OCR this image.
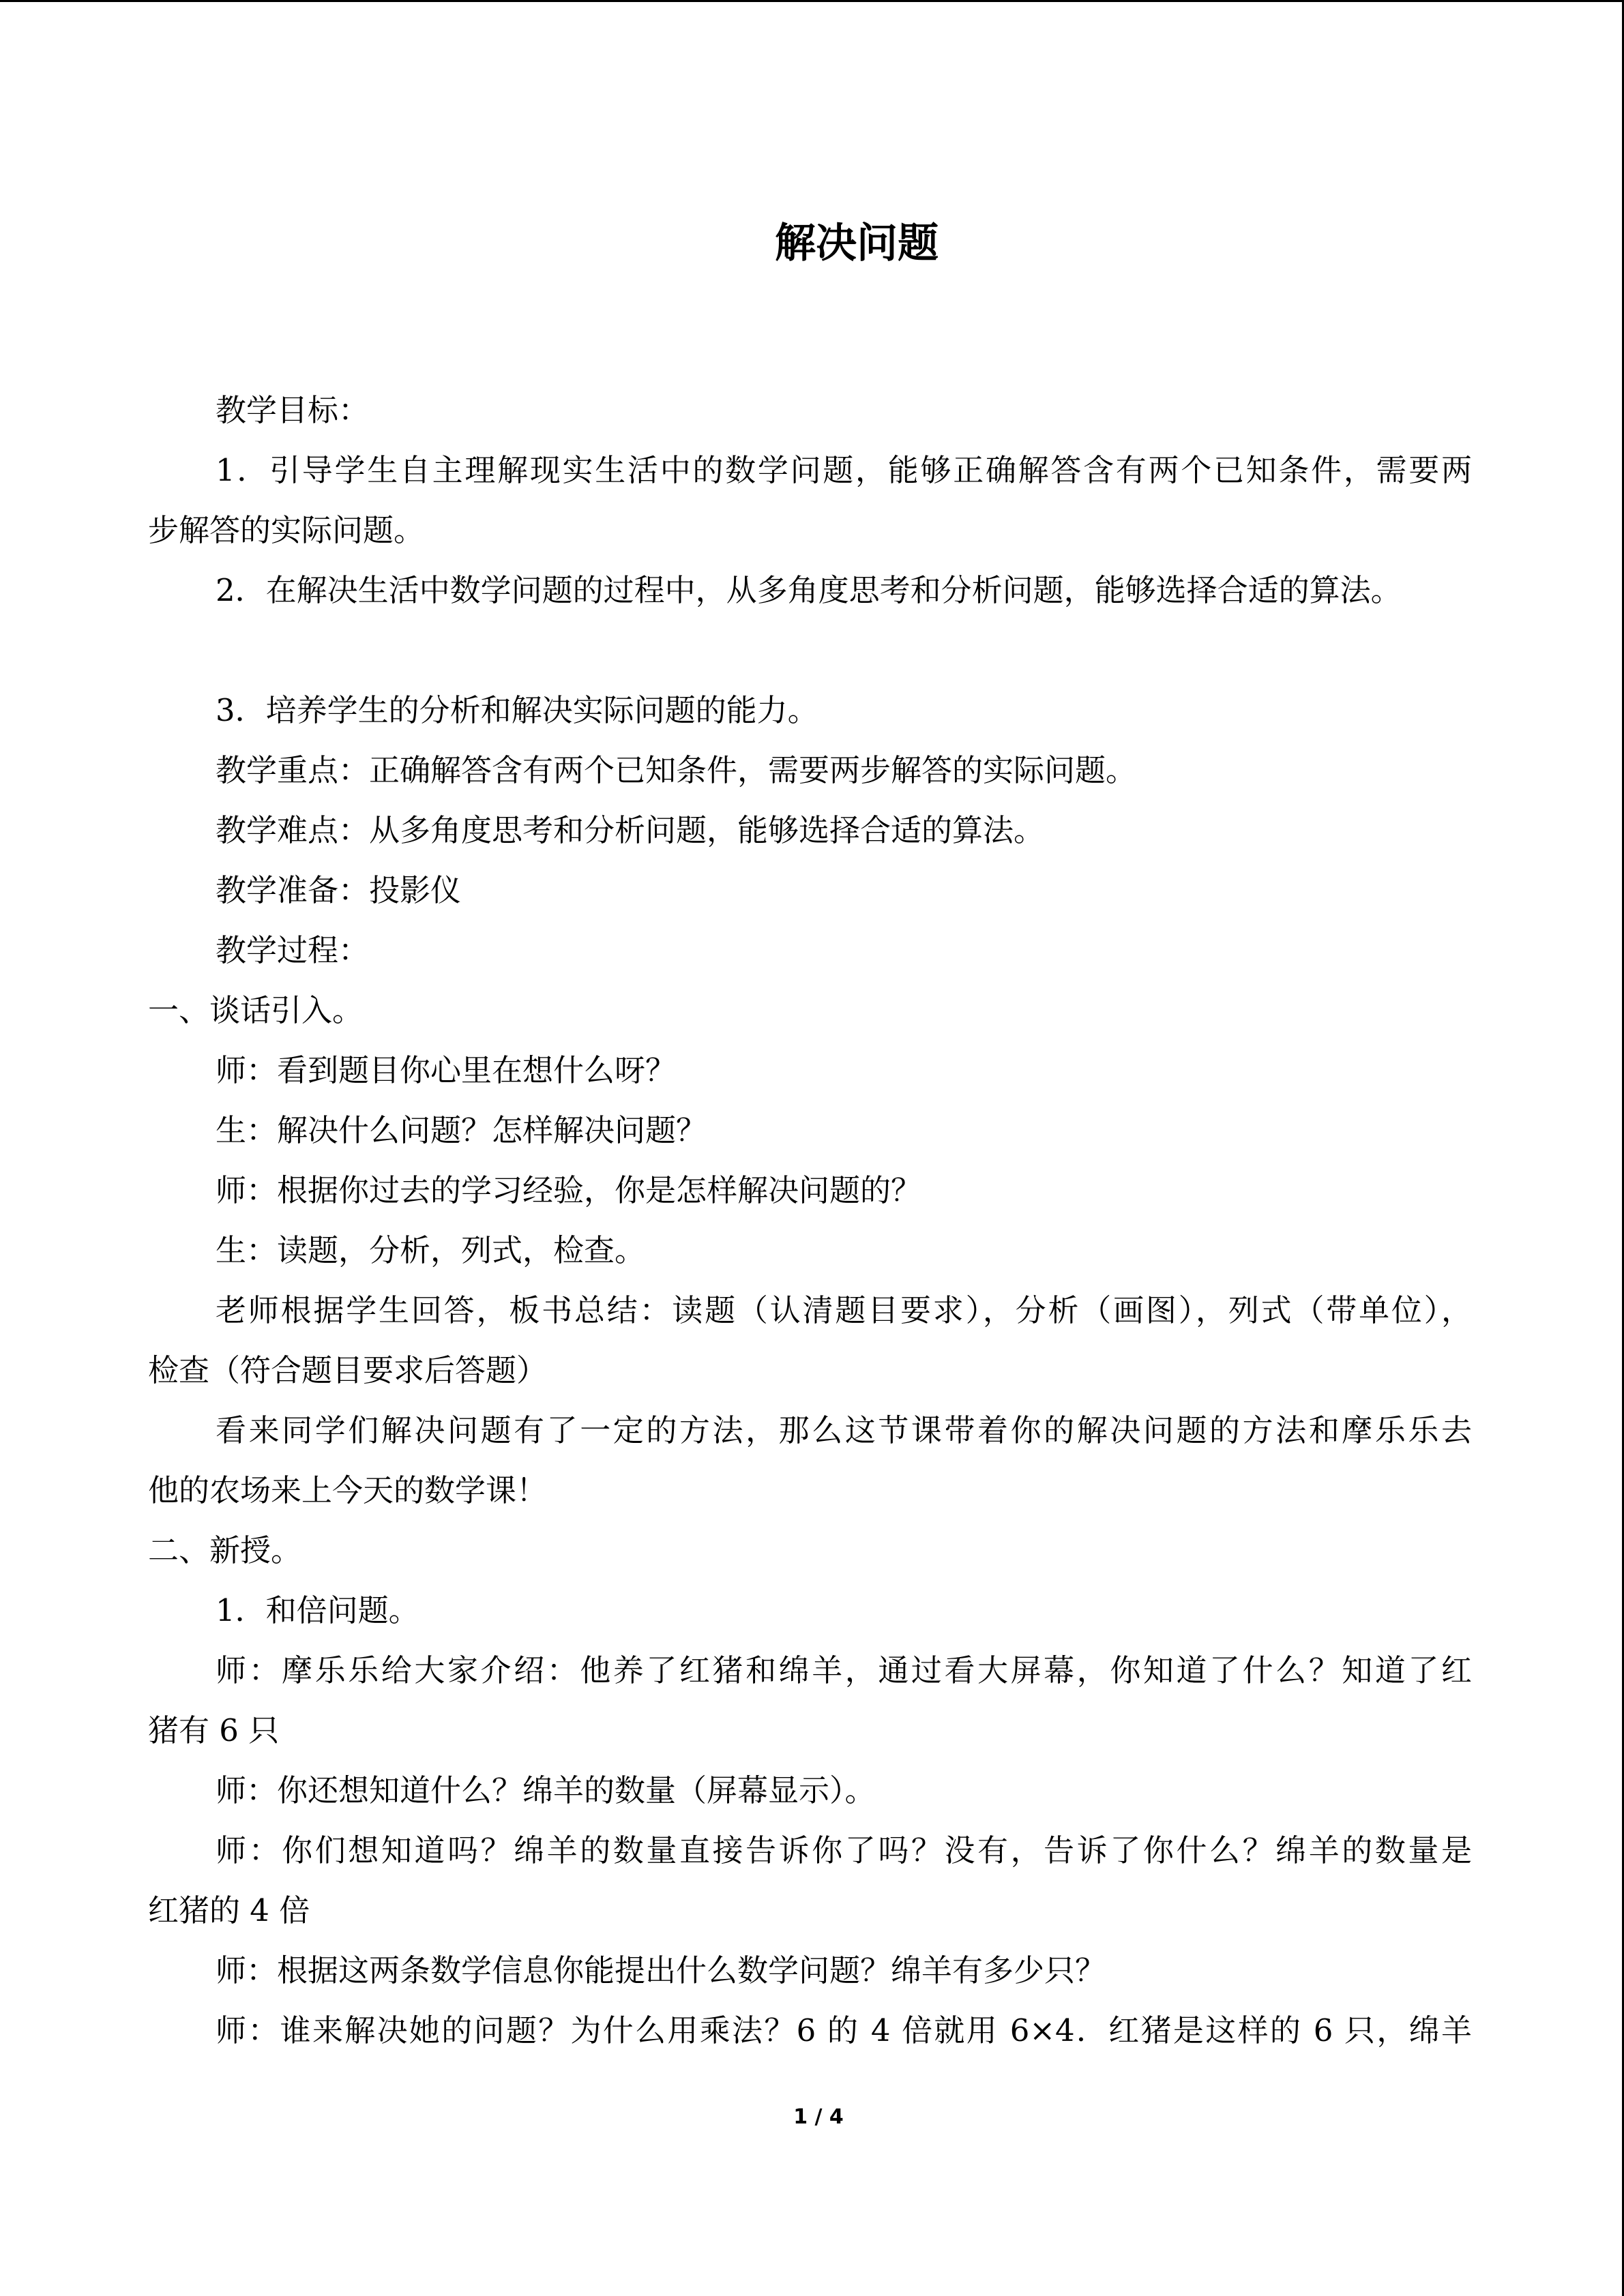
解决问题
教学目标：
1．引导学生自主理解现实生活中的数学问题，能够正确解答含有两个已知条件，需要两
步解答的实际问题。
2．在解决生活中数学问题的过程中，从多角度思考和分析问题，能够选择合适的算法。
3．培养学生的分析和解决实际问题的能力。
教学重点：正确解答含有两个已知条件，需要两步解答的实际问题。
教学难点：从多角度思考和分析问题，能够选择合适的算法。
教学准备：投影仪
教学过程：
一、谈话引入。
师：看到题目你心里在想什么呀？
生：解决什么问题？怎样解决问题？
师：根据你过去的学习经验，你是怎样解决问题的？
生：读题，分析，列式，检查。
老师根据学生回答，板书总结：读题（认清题目要求），分析（画图），列式（带单位），
检查（符合题目要求后答题）
看来同学们解决问题有了一定的方法，那么这节课带着你的解决问题的方法和摩乐乐去
他的农场来上今天的数学课！
二、新授。
1．和倍问题。
师：摩乐乐给大家介绍：他养了红猪和绵羊，通过看大屏幕，你知道了什么？知道了红
猪有 6 只
师：你还想知道什么？绵羊的数量（屏幕显示）。
师：你们想知道吗？绵羊的数量直接告诉你了吗？没有，告诉了你什么？绵羊的数量是
红猪的 4 倍
师：根据这两条数学信息你能提出什么数学问题？绵羊有多少只？
师：谁来解决她的问题？为什么用乘法？6 的 4 倍就用 6×4．红猪是这样的 6 只，绵羊
1 / 4
